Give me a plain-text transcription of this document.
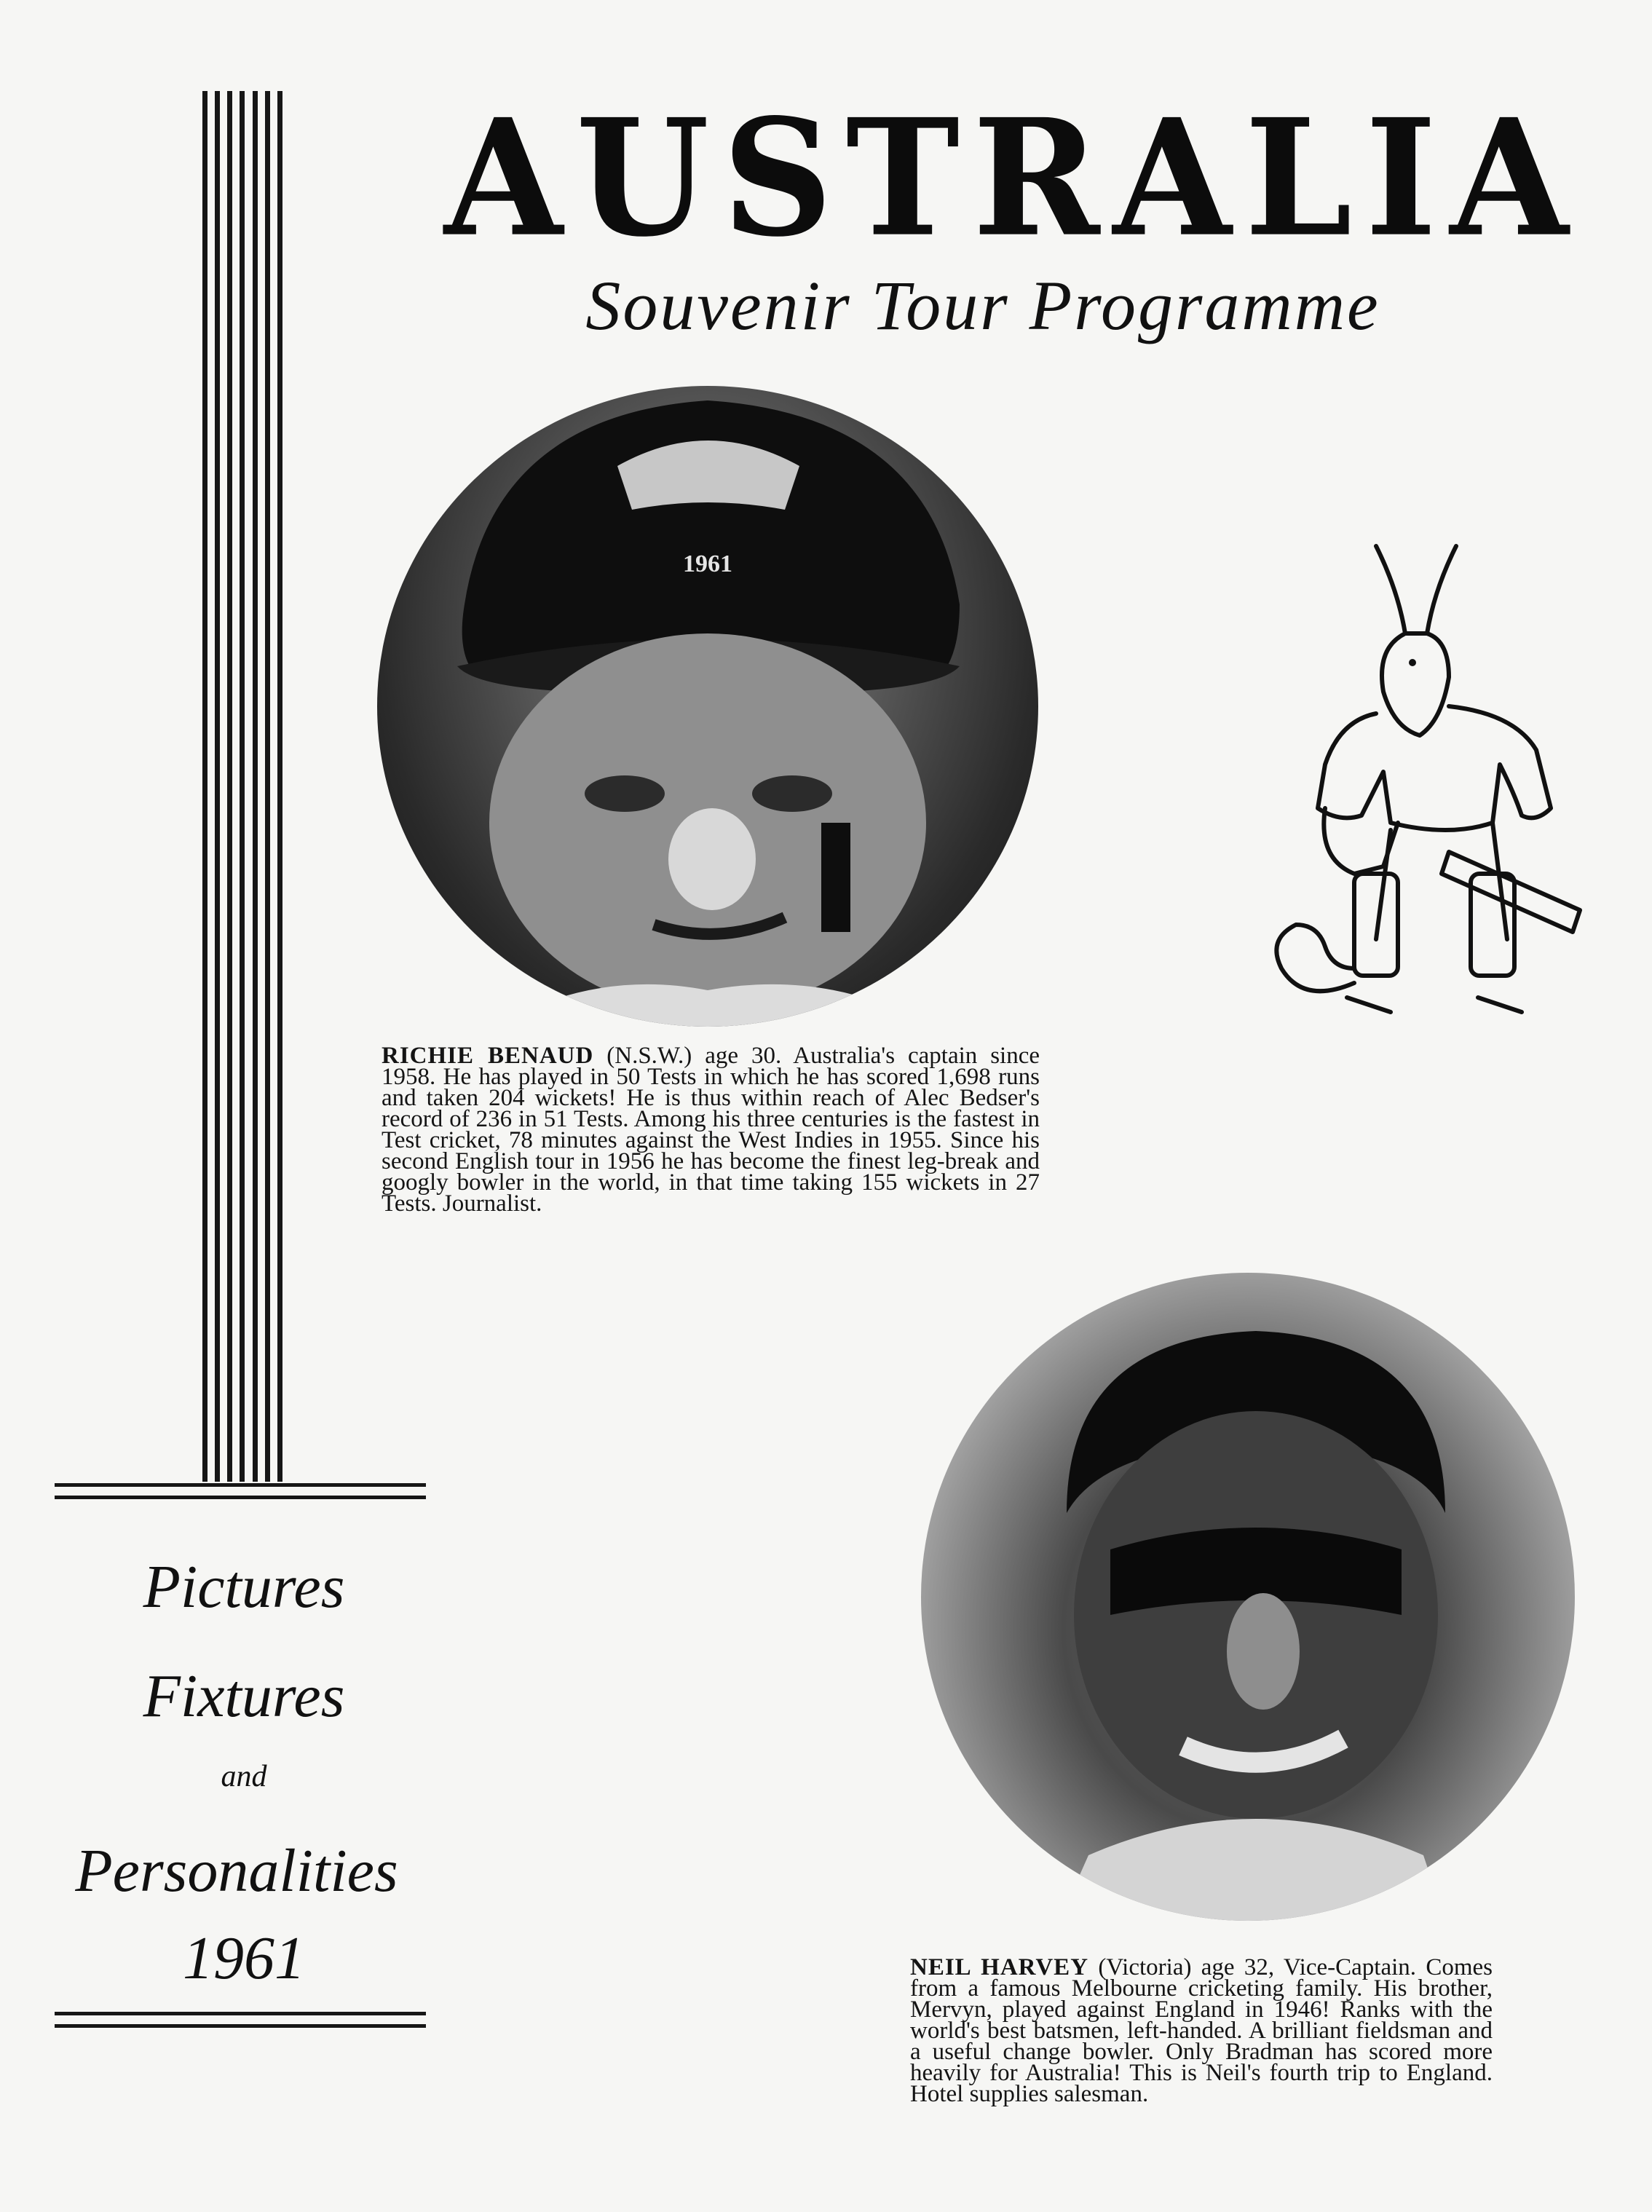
AUSTRALIA
Souvenir Tour Programme
1961
RICHIE BENAUD (N.S.W.) age 30. Australia's captain since 1958. He has played in 50 Tests in which he has scored 1,698 runs and taken 204 wickets! He is thus within reach of Alec Bedser's record of 236 in 51 Tests. Among his three centuries is the fastest in Test cricket, 78 minutes against the West Indies in 1955. Since his second English tour in 1956 he has become the finest leg-break and googly bowler in the world, in that time taking 155 wickets in 27 Tests. Journalist.
NEIL HARVEY (Victoria) age 32, Vice-Captain. Comes from a famous Melbourne cricketing family. His brother, Mervyn, played against England in 1946! Ranks with the world's best batsmen, left-handed. A brilliant fieldsman and a useful change bowler. Only Bradman has scored more heavily for Australia! This is Neil's fourth trip to England. Hotel supplies salesman.
Pictures
Fixtures
and
Personalities
1961
